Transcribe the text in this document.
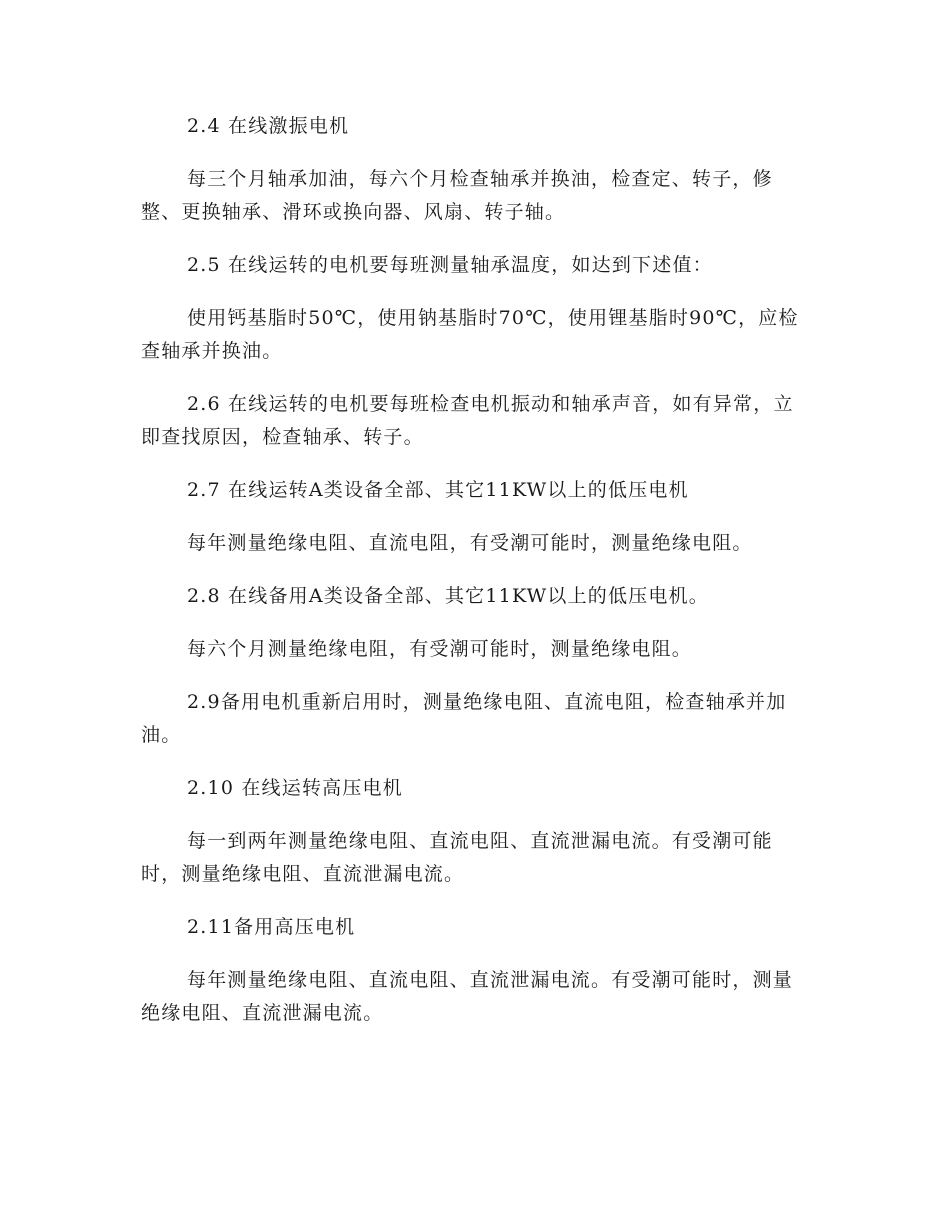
2.4 在线激振电机

每三个月轴承加油，每六个月检查轴承并换油，检查定、转子，修整、更换轴承、滑环或换向器、风扇、转子轴。

2.5 在线运转的电机要每班测量轴承温度，如达到下述值：

使用钙基脂时50℃，使用钠基脂时70℃，使用锂基脂时90℃，应检查轴承并换油。

2.6 在线运转的电机要每班检查电机振动和轴承声音，如有异常，立即查找原因，检查轴承、转子。

2.7 在线运转A类设备全部、其它11KW以上的低压电机

每年测量绝缘电阻、直流电阻，有受潮可能时，测量绝缘电阻。

2.8 在线备用A类设备全部、其它11KW以上的低压电机。

每六个月测量绝缘电阻，有受潮可能时，测量绝缘电阻。

2.9备用电机重新启用时，测量绝缘电阻、直流电阻，检查轴承并加油。

2.10 在线运转高压电机

每一到两年测量绝缘电阻、直流电阻、直流泄漏电流。有受潮可能时，测量绝缘电阻、直流泄漏电流。

2.11备用高压电机

每年测量绝缘电阻、直流电阻、直流泄漏电流。有受潮可能时，测量绝缘电阻、直流泄漏电流。
